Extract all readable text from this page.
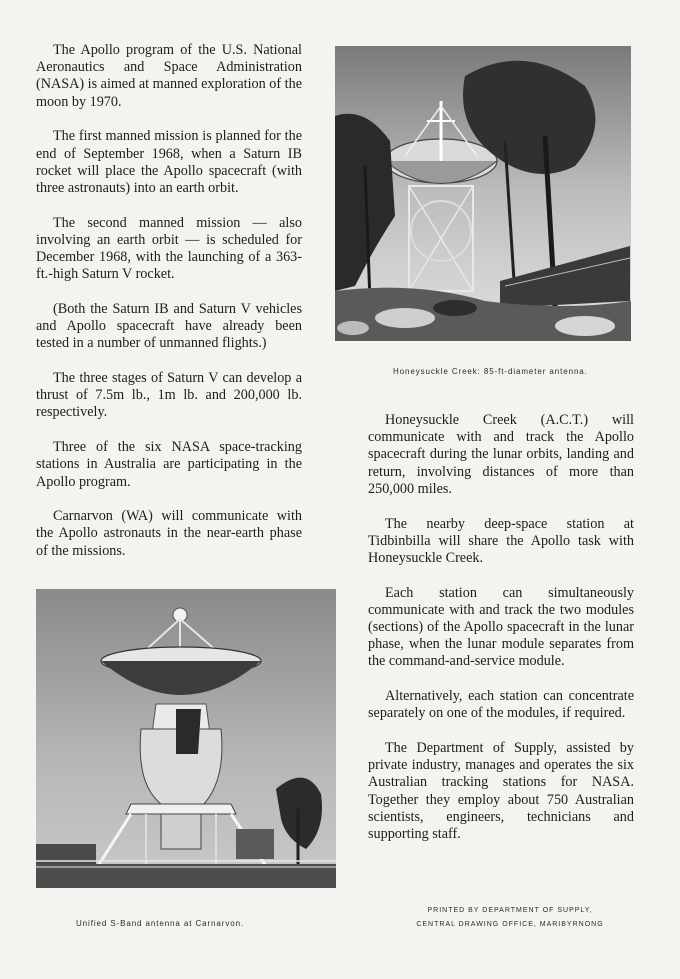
The Apollo program of the U.S. National Aeronautics and Space Administration (NASA) is aimed at manned exploration of the moon by 1970.

The first manned mission is planned for the end of September 1968, when a Saturn IB rocket will place the Apollo spacecraft (with three astronauts) into an earth orbit.

The second manned mission — also involving an earth orbit — is scheduled for December 1968, with the launching of a 363-ft.-high Saturn V rocket.

(Both the Saturn IB and Saturn V vehicles and Apollo spacecraft have already been tested in a number of unmanned flights.)

The three stages of Saturn V can develop a thrust of 7.5m lb., 1m lb. and 200,000 lb. respectively.

Three of the six NASA space-tracking stations in Australia are participating in the Apollo program.

Carnarvon (WA) will communicate with the Apollo astronauts in the near-earth phase of the missions.

Honeysuckle Creek: 85-ft-diameter antenna.

Honeysuckle Creek (A.C.T.) will communicate with and track the Apollo spacecraft during the lunar orbits, landing and return, involving distances of more than 250,000 miles.

The nearby deep-space station at Tidbinbilla will share the Apollo task with Honeysuckle Creek.

Each station can simultaneously communicate with and track the two modules (sections) of the Apollo spacecraft in the lunar phase, when the lunar module separates from the command-and-service module.

Alternatively, each station can concentrate separately on one of the modules, if required.

The Department of Supply, assisted by private industry, manages and operates the six Australian tracking stations for NASA. Together they employ about 750 Australian scientists, engineers, technicians and supporting staff.

Unified S-Band antenna at Carnarvon.
PRINTED BY DEPARTMENT OF SUPPLY,
CENTRAL DRAWING OFFICE, MARIBYRNONG
